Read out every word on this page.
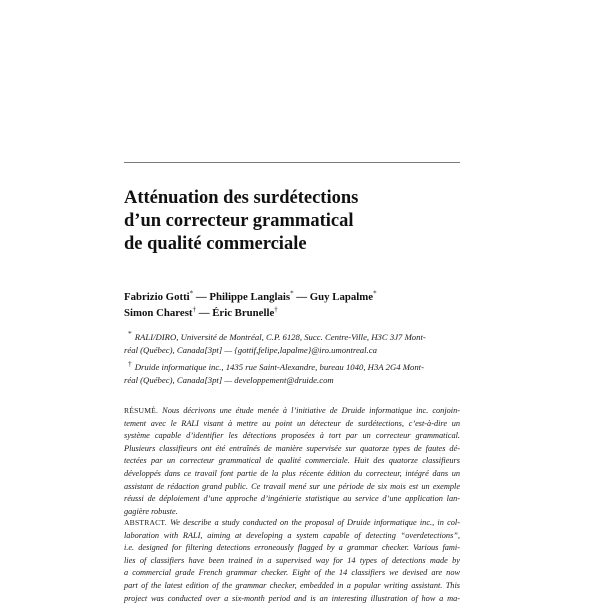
Atténuation des surdétections
d’un correcteur grammatical
de qualité commerciale
Fabrizio Gotti* — Philippe Langlais* — Guy Lapalme*
Simon Charest† — Éric Brunelle†
* RALI/DIRO, Université de Montréal, C.P. 6128, Succ. Centre-Ville, H3C 3J7 Mont-
réal (Québec), Canada[3pt] — {gottif,felipe,lapalme}@iro.umontreal.ca
† Druide informatique inc., 1435 rue Saint-Alexandre, bureau 1040, H3A 2G4 Mont-
réal (Québec), Canada[3pt] — developpement@druide.com
RÉSUMÉ. Nous décrivons une étude menée à l’initiative de Druide informatique inc. conjoin-
tement avec le RALI visant à mettre au point un détecteur de surdétections, c’est-à-dire un
système capable d’identifier les détections proposées à tort par un correcteur grammatical.
Plusieurs classifieurs ont été entraînés de manière supervisée sur quatorze types de fautes dé-
tectées par un correcteur grammatical de qualité commerciale. Huit des quatorze classifieurs
développés dans ce travail font partie de la plus récente édition du correcteur, intégré dans un
assistant de rédaction grand public. Ce travail mené sur une période de six mois est un exemple
réussi de déploiement d’une approche d’ingénierie statistique au service d’une application lan-
gagière robuste.
ABSTRACT. We describe a study conducted on the proposal of Druide informatique inc., in col-
laboration with RALI, aiming at developing a system capable of detecting “overdetections”,
i.e. designed for filtering detections erroneously flagged by a grammar checker. Various fami-
lies of classifiers have been trained in a supervised way for 14 types of detections made by
a commercial grade French grammar checker. Eight of the 14 classifiers we devised are now
part of the latest edition of the grammar checker, embedded in a popular writing assistant. This
project was conducted over a six-month period and is an interesting illustration of how a ma-
